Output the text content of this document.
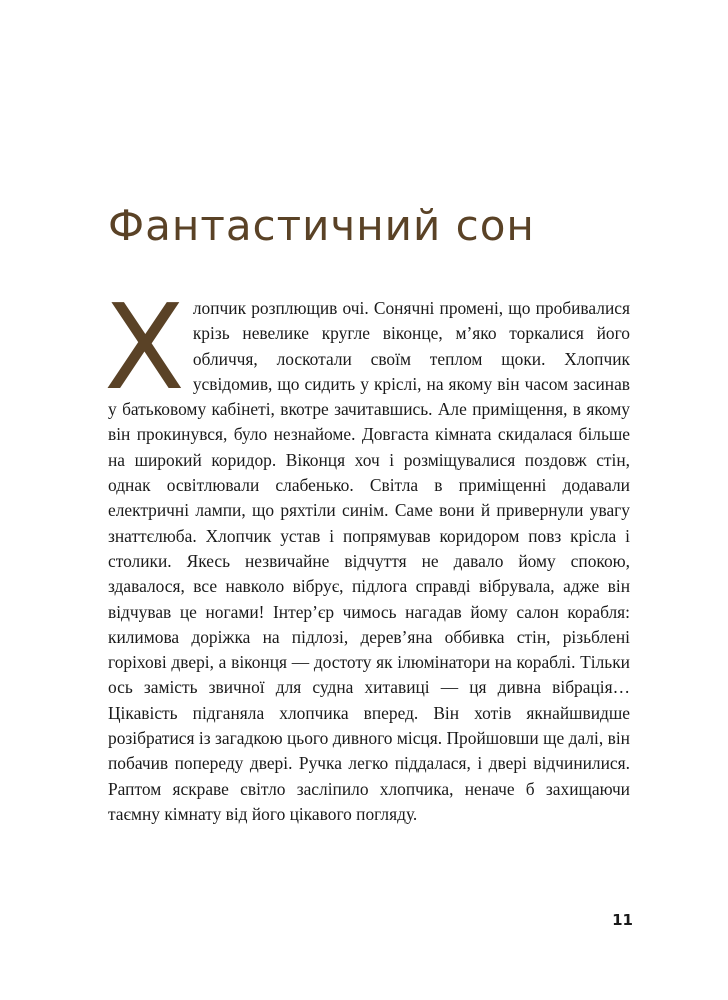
Фантастичний сон

Хлопчик розплющив очі. Сонячні промені, що пробивалися крізь невелике кругле віконце, м’яко торкалися його обличчя, лоскотали своїм теплом щоки. Хлопчик усвідомив, що сидить у кріслі, на якому він часом засинав у батьковому кабінеті, вкотре зачитавшись. Але приміщення, в якому він прокинувся, було незнайоме. Довгаста кімната скидалася більше на широкий коридор. Віконця хоч і розміщувалися поздовж стін, однак освітлювали слабенько. Світла в приміщенні додавали електричні лампи, що ряхтіли синім. Саме вони й привернули увагу знаттєлюба. Хлопчик устав і попрямував коридором повз крісла і столики. Якесь незвичайне відчуття не давало йому спокою, здавалося, все навколо вібрує, підлога справді вібрувала, адже він відчував це ногами! Інтер’єр чимось нагадав йому салон корабля: килимова доріжка на підлозі, дерев’яна оббивка стін, різьблені горіхові двері, а віконця — достоту як ілюмінатори на кораблі. Тільки ось замість звичної для судна хитавиці — ця дивна вібрація… Цікавість підганяла хлопчика вперед. Він хотів якнайшвидше розібратися із загадкою цього дивного місця. Пройшовши ще далі, він побачив попереду двері. Ручка легко піддалася, і двері відчинилися. Раптом яскраве світло засліпило хлопчика, неначе б захищаючи таємну кімнату від його цікавого погляду.

11
